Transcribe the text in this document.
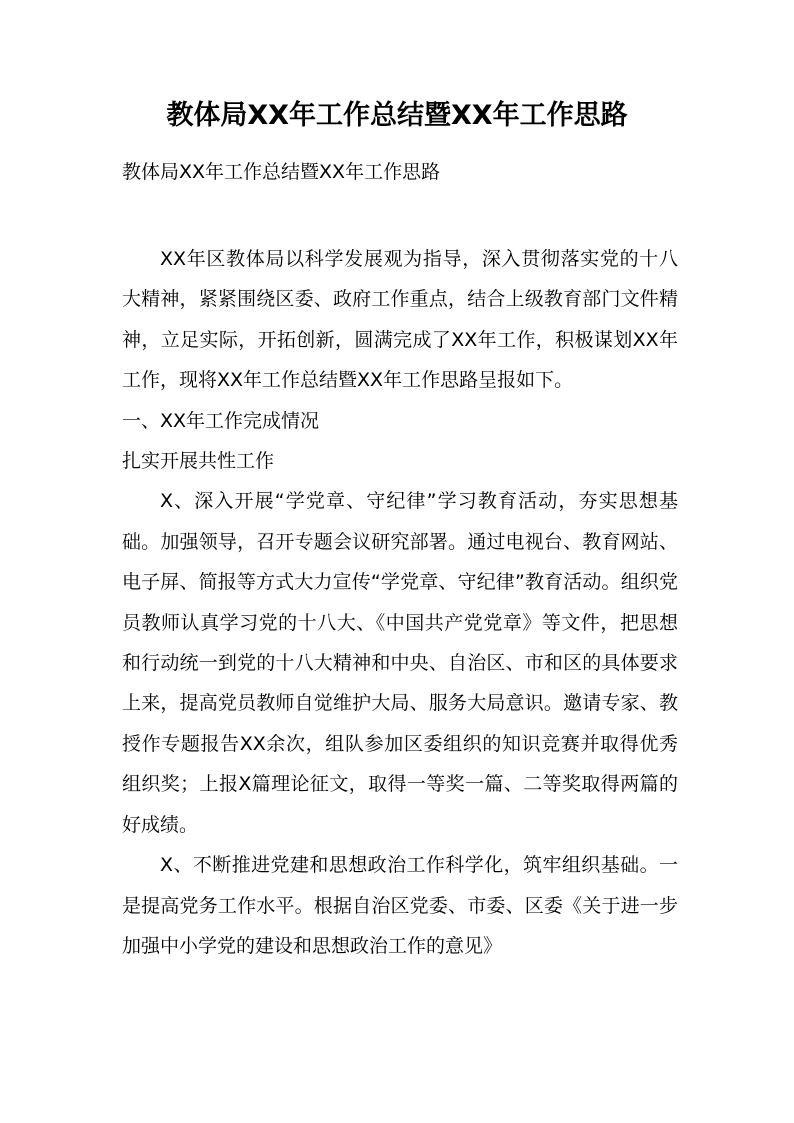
教体局XX年工作总结暨XX年工作思路

教体局XX年工作总结暨XX年工作思路

XX年区教体局以科学发展观为指导，深入贯彻落实党的十八大精神，紧紧围绕区委、政府工作重点，结合上级教育部门文件精神，立足实际，开拓创新，圆满完成了XX年工作，积极谋划XX年工作，现将XX年工作总结暨XX年工作思路呈报如下。

一、XX年工作完成情况

扎实开展共性工作

X、深入开展“学党章、守纪律”学习教育活动，夯实思想基础。加强领导，召开专题会议研究部署。通过电视台、教育网站、电子屏、简报等方式大力宣传“学党章、守纪律”教育活动。组织党员教师认真学习党的十八大、《中国共产党党章》等文件，把思想和行动统一到党的十八大精神和中央、自治区、市和区的具体要求上来，提高党员教师自觉维护大局、服务大局意识。邀请专家、教授作专题报告XX余次，组队参加区委组织的知识竞赛并取得优秀组织奖；上报X篇理论征文，取得一等奖一篇、二等奖取得两篇的好成绩。

X、不断推进党建和思想政治工作科学化，筑牢组织基础。一是提高党务工作水平。根据自治区党委、市委、区委《关于进一步加强中小学党的建设和思想政治工作的意见》
